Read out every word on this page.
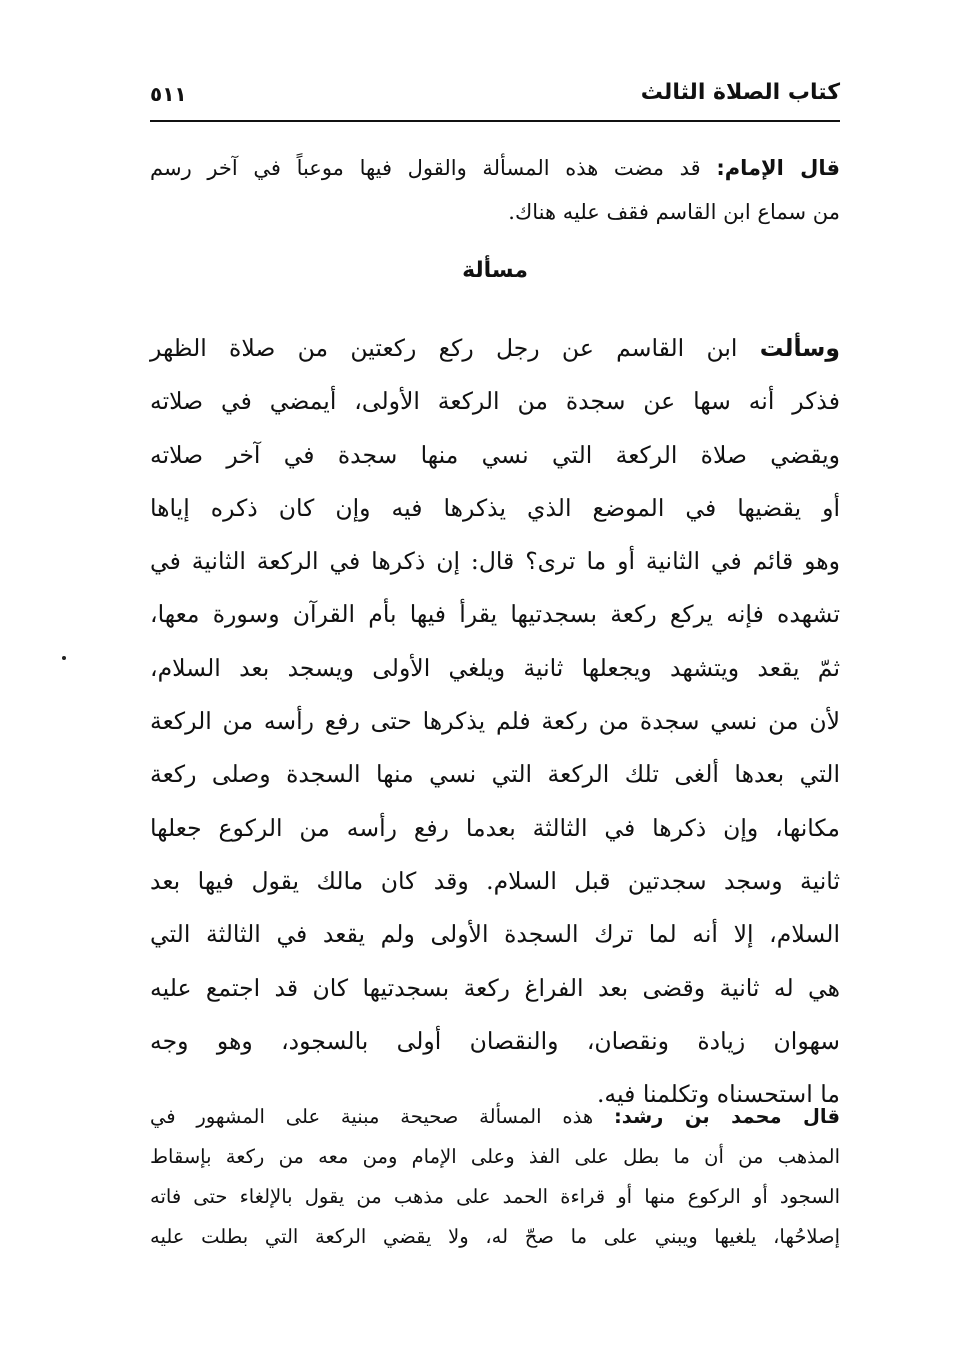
كتاب الصلاة الثالث
٥١١
قال الإمام: قد مضت هذه المسألة والقول فيها موعباً في آخر رسم
من سماع ابن القاسم فقف عليه هناك.
مسألة
وسألت ابن القاسم عن رجل ركع ركعتين من صلاة الظهر
فذكر أنه سها عن سجدة من الركعة الأولى، أيمضي في صلاته
ويقضي صلاة الركعة التي نسي منها سجدة في آخر صلاته
أو يقضيها في الموضع الذي يذكرها فيه وإن كان ذكره إياها
وهو قائم في الثانية أو ما ترى؟ قال: إن ذكرها في الركعة الثانية في
تشهده فإنه يركع ركعة بسجدتيها يقرأ فيها بأم القرآن وسورة معها،
ثمّ يقعد ويتشهد ويجعلها ثانية ويلغي الأولى ويسجد بعد السلام،
لأن من نسي سجدة من ركعة فلم يذكرها حتى رفع رأسه من الركعة
التي بعدها ألغى تلك الركعة التي نسي منها السجدة وصلى ركعة
مكانها، وإن ذكرها في الثالثة بعدما رفع رأسه من الركوع جعلها
ثانية وسجد سجدتين قبل السلام. وقد كان مالك يقول فيها بعد
السلام، إلا أنه لما ترك السجدة الأولى ولم يقعد في الثالثة التي
هي له ثانية وقضى بعد الفراغ ركعة بسجدتيها كان قد اجتمع عليه
سهوان زيادة ونقصان، والنقصان أولى بالسجود، وهو وجه
ما استحسناه وتكلمنا فيه.
قال محمد بن رشد: هذه المسألة صحيحة مبنية على المشهور في
المذهب من أن ما بطل على الفذ وعلى الإمام ومن معه من ركعة بإسقاط
السجود أو الركوع منها أو قراءة الحمد على مذهب من يقول بالإلغاء حتى فاته
إصلاحُها، يلغيها ويبني على ما صحّ له، ولا يقضي الركعة التي بطلت عليه
